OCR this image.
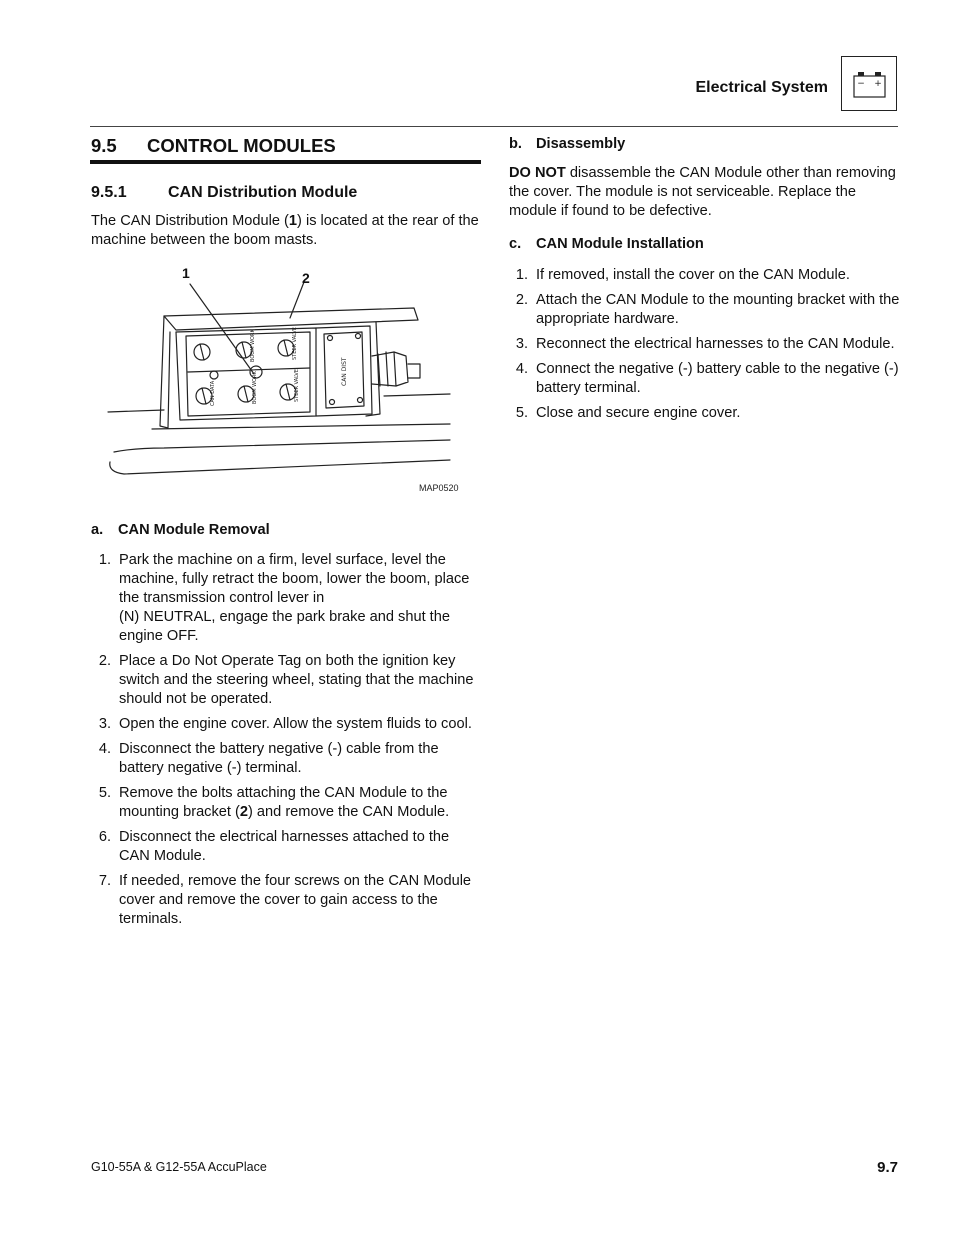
Electrical System	− +
9.5 CONTROL MODULES
9.5.1	CAN Distribution Module

The CAN Distribution Module (1) is located at the rear of the machine between the boom masts.

BOOM WORK	STEER VALVE
CAN DATA	BOOM WORK	STEER VALVE	CAN DIST
1	2
MAP0520
a. CAN Module Removal
1. Park the machine on a firm, level surface, level the machine, fully retract the boom, lower the boom, place the transmission control lever in
(N) NEUTRAL, engage the park brake and shut the engine OFF.
2. Place a Do Not Operate Tag on both the ignition key switch and the steering wheel, stating that the machine should not be operated.
3. Open the engine cover. Allow the system fluids to cool.
4. Disconnect the battery negative (-) cable from the battery negative (-) terminal.
5. Remove the bolts attaching the CAN Module to the mounting bracket (2) and remove the CAN Module.
6. Disconnect the electrical harnesses attached to the CAN Module.
7. If needed, remove the four screws on the CAN Module cover and remove the cover to gain access to the terminals.
b. Disassembly

DO NOT disassemble the CAN Module other than removing the cover. The module is not serviceable. Replace the module if found to be defective.

c. CAN Module Installation
1. If removed, install the cover on the CAN Module.
2. Attach the CAN Module to the mounting bracket with the appropriate hardware.
3. Reconnect the electrical harnesses to the CAN Module.
4. Connect the negative (-) battery cable to the negative (-) battery terminal.
5. Close and secure engine cover.
G10-55A & G12-55A AccuPlace	9.7
